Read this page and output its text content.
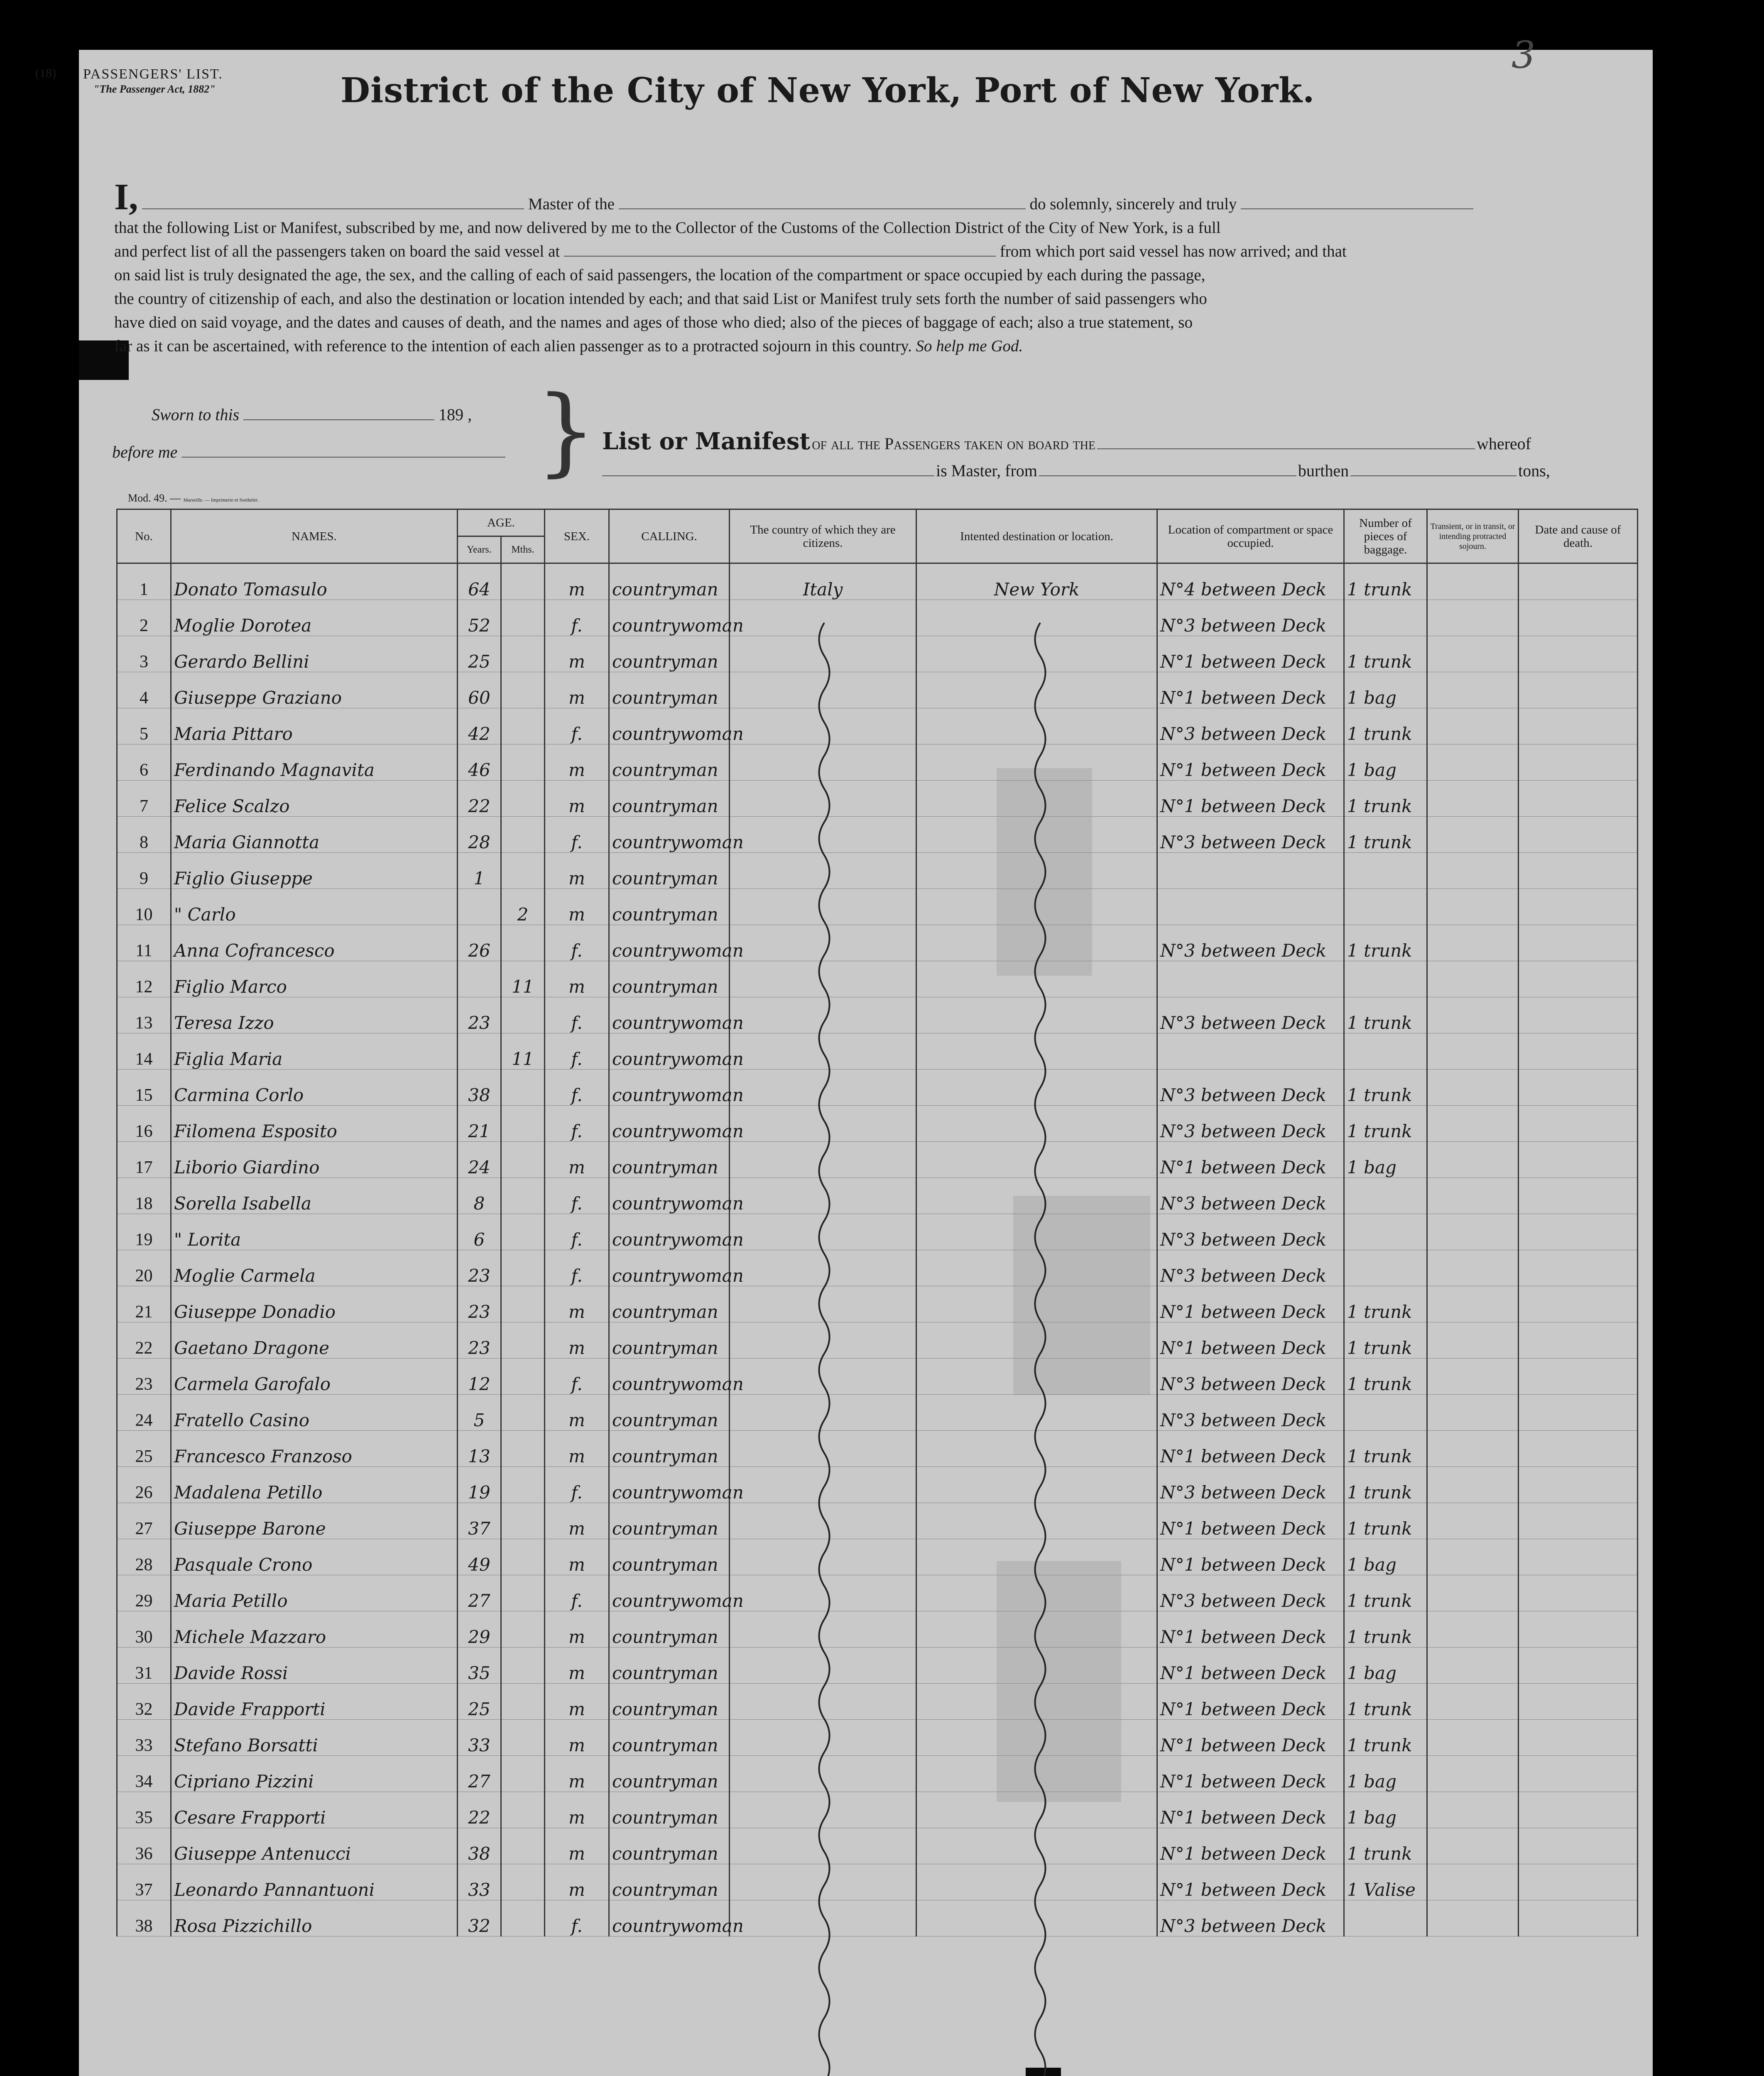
(18) PASSENGERS' LIST.
"The Passenger Act, 1882"
3
District of the City of New York, Port of New York.
I,	Master of the	do solemnly, sincerely and truly
that the following List or Manifest, subscribed by me, and now delivered by me to the Collector of the Customs of the Collection District of the City of New York, is a full
and perfect list of all the passengers taken on board the said vessel at	from which port said vessel has now arrived; and that
on said list is truly designated the age, the sex, and the calling of each of said passengers, the location of the compartment or space occupied by each during the passage,
the country of citizenship of each, and also the destination or location intended by each; and that said List or Manifest truly sets forth the number of said passengers who
have died on said voyage, and the dates and causes of death, and the names and ages of those who died; also of the pieces of baggage of each; also a true statement, so
far as it can be ascertained, with reference to the intention of each alien passenger as to a protracted sojourn in this country. So help me God.
Sworn to this	189 ,
before me	} List or Manifest of all the Passengers taken on board the	whereof
is Master, from	burthen	tons,
Mod. 49. — Marseille. — Imprimerie et Sorthelet.
No.	NAMES.	AGE.		SEX.	CALLING.	The country of which they are citizens.	Intented destination or location.	Location of compartment or space occupied.	Number of pieces of baggage.	Transient, or in transit, or intending protracted sojourn.	Date and cause of death.
		Years.	Mths.								
1	Donato Tomasulo	64		m	countryman	Italy	New York	N°4 between Deck	1 trunk		
2	Moglie Dorotea	52		f.	countrywoman			N°3 between Deck			
3	Gerardo Bellini	25		m	countryman			N°1 between Deck	1 trunk		
4	Giuseppe Graziano	60		m	countryman			N°1 between Deck	1 bag		
5	Maria Pittaro	42		f.	countrywoman			N°3 between Deck	1 trunk		
6	Ferdinando Magnavita	46		m	countryman			N°1 between Deck	1 bag		
7	Felice Scalzo	22		m	countryman			N°1 between Deck	1 trunk		
8	Maria Giannotta	28		f.	countrywoman			N°3 between Deck	1 trunk		
9	Figlio Giuseppe	1		m	countryman						
10	" Carlo		2	m	countryman						
11	Anna Cofrancesco	26		f.	countrywoman			N°3 between Deck	1 trunk		
12	Figlio Marco		11	m	countryman						
13	Teresa Izzo	23		f.	countrywoman			N°3 between Deck	1 trunk		
14	Figlia Maria		11	f.	countrywoman						
15	Carmina Corlo	38		f.	countrywoman			N°3 between Deck	1 trunk		
16	Filomena Esposito	21		f.	countrywoman			N°3 between Deck	1 trunk		
17	Liborio Giardino	24		m	countryman			N°1 between Deck	1 bag		
18	Sorella Isabella	8		f.	countrywoman			N°3 between Deck			
19	" Lorita	6		f.	countrywoman			N°3 between Deck			
20	Moglie Carmela	23		f.	countrywoman			N°3 between Deck			
21	Giuseppe Donadio	23		m	countryman			N°1 between Deck	1 trunk		
22	Gaetano Dragone	23		m	countryman			N°1 between Deck	1 trunk		
23	Carmela Garofalo	12		f.	countrywoman			N°3 between Deck	1 trunk		
24	Fratello Casino	5		m	countryman			N°3 between Deck			
25	Francesco Franzoso	13		m	countryman			N°1 between Deck	1 trunk		
26	Madalena Petillo	19		f.	countrywoman			N°3 between Deck	1 trunk		
27	Giuseppe Barone	37		m	countryman			N°1 between Deck	1 trunk		
28	Pasquale Crono	49		m	countryman			N°1 between Deck	1 bag		
29	Maria Petillo	27		f.	countrywoman			N°3 between Deck	1 trunk		
30	Michele Mazzaro	29		m	countryman			N°1 between Deck	1 trunk		
31	Davide Rossi	35		m	countryman			N°1 between Deck	1 bag		
32	Davide Frapporti	25		m	countryman			N°1 between Deck	1 trunk		
33	Stefano Borsatti	33		m	countryman			N°1 between Deck	1 trunk		
34	Cipriano Pizzini	27		m	countryman			N°1 between Deck	1 bag		
35	Cesare Frapporti	22		m	countryman			N°1 between Deck	1 bag		
36	Giuseppe Antenucci	38		m	countryman			N°1 between Deck	1 trunk		
37	Leonardo Pannantuoni	33		m	countryman			N°1 between Deck	1 Valise		
38	Rosa Pizzichillo	32		f.	countrywoman			N°3 between Deck			
